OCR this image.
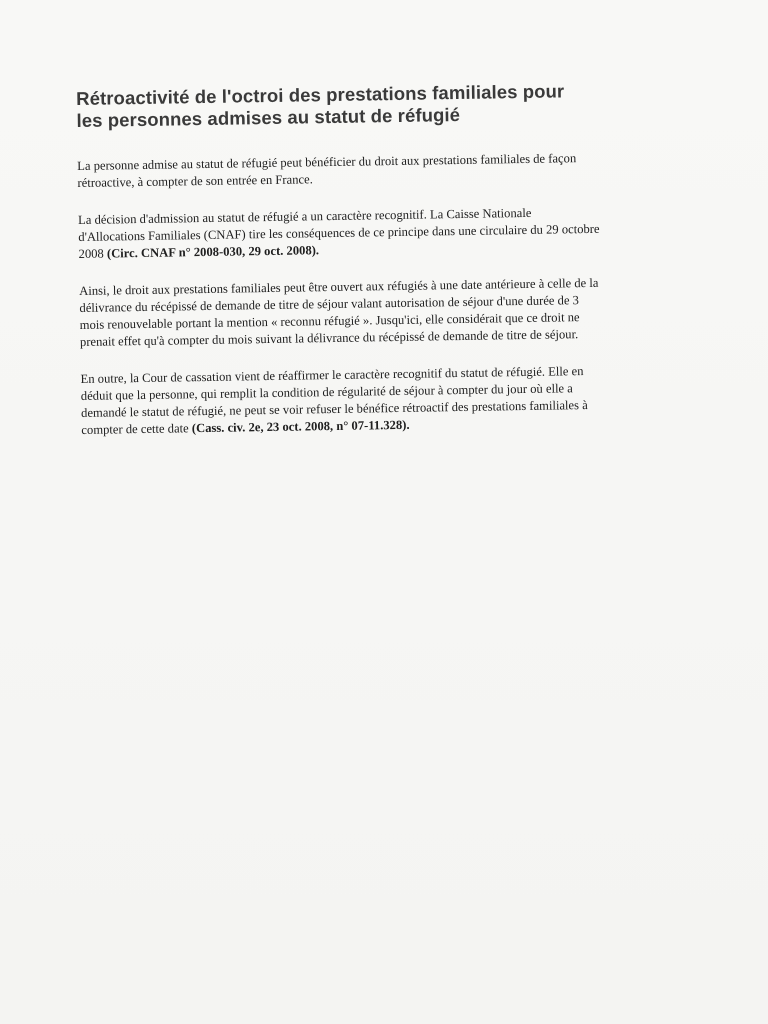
Rétroactivité de l'octroi des prestations familiales pour
les personnes admises au statut de réfugié

La personne admise au statut de réfugié peut bénéficier du droit aux prestations familiales de façon
rétroactive, à compter de son entrée en France.

La décision d'admission au statut de réfugié a un caractère recognitif. La Caisse Nationale
d'Allocations Familiales (CNAF) tire les conséquences de ce principe dans une circulaire du 29 octobre
2008 (Circ. CNAF n° 2008-030, 29 oct. 2008).

Ainsi, le droit aux prestations familiales peut être ouvert aux réfugiés à une date antérieure à celle de la
délivrance du récépissé de demande de titre de séjour valant autorisation de séjour d'une durée de 3
mois renouvelable portant la mention « reconnu réfugié ». Jusqu'ici, elle considérait que ce droit ne
prenait effet qu'à compter du mois suivant la délivrance du récépissé de demande de titre de séjour.

En outre, la Cour de cassation vient de réaffirmer le caractère recognitif du statut de réfugié. Elle en
déduit que la personne, qui remplit la condition de régularité de séjour à compter du jour où elle a
demandé le statut de réfugié, ne peut se voir refuser le bénéfice rétroactif des prestations familiales à
compter de cette date (Cass. civ. 2e, 23 oct. 2008, n° 07-11.328).
